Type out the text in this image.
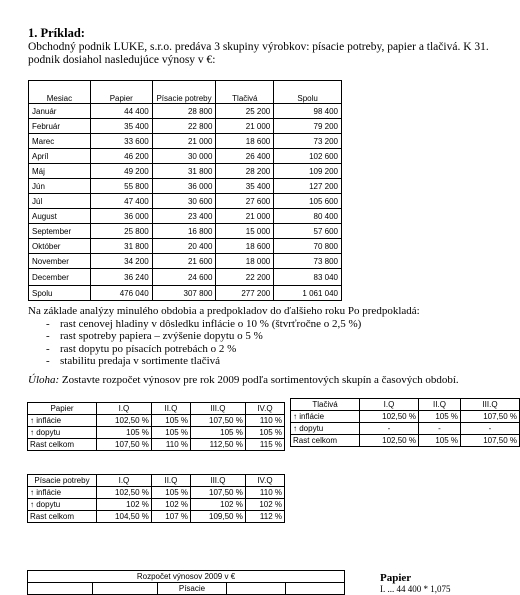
1. Príklad:
Obchodný podnik LUKE, s.r.o. predáva 3 skupiny výrobkov: písacie potreby, papier a tlačivá. K 31.
podnik dosiahol nasledujúce výnosy v €:
Mesiac	Papier	Písacie potreby	Tlačivá	Spolu
Január	44 400	28 800	25 200	98 400
Február	35 400	22 800	21 000	79 200
Marec	33 600	21 000	18 600	73 200
Apríl	46 200	30 000	26 400	102 600
Máj	49 200	31 800	28 200	109 200
Jún	55 800	36 000	35 400	127 200
Júl	47 400	30 600	27 600	105 600
August	36 000	23 400	21 000	80 400
September	25 800	16 800	15 000	57 600
Október	31 800	20 400	18 600	70 800
November	34 200	21 600	18 000	73 800
December	36 240	24 600	22 200	83 040
Spolu	476 040	307 800	277 200	1 061 040
Na základe analýzy minulého obdobia a predpokladov do ďalšieho roku Po predpokladá:
- rast cenovej hladiny v dôsledku inflácie o 10 % (štvrťročne o 2,5 %)
- rast spotreby papiera – zvýšenie dopytu o 5 %
- rast dopytu po písacích potrebách o 2 %
- stabilitu predaja v sortimente tlačivá
Úloha: Zostavte rozpočet výnosov pre rok 2009 podľa sortimentových skupín a časových období.
Papier	I.Q	II.Q	III.Q	IV.Q
↑ inflácie	102,50 %	105 %	107,50 %	110 %
↑ dopytu	105 %	105 %	105 %	105 %
Rast celkom	107,50 %	110 %	112,50 %	115 %
Tlačivá	I.Q	II.Q	III.Q
↑ inflácie	102,50 %	105 %	107,50 %
↑ dopytu	-	-	-
Rast celkom	102,50 %	105 %	107,50 %
Písacie potreby	I.Q	II.Q	III.Q	IV.Q
↑ inflácie	102,50 %	105 %	107,50 %	110 %
↑ dopytu	102 %	102 %	102 %	102 %
Rast celkom	104,50 %	107 %	109,50 %	112 %
Rozpočet výnosov 2009 v €
		Písacie		
Papier
I. ... 44 400 * 1,075
